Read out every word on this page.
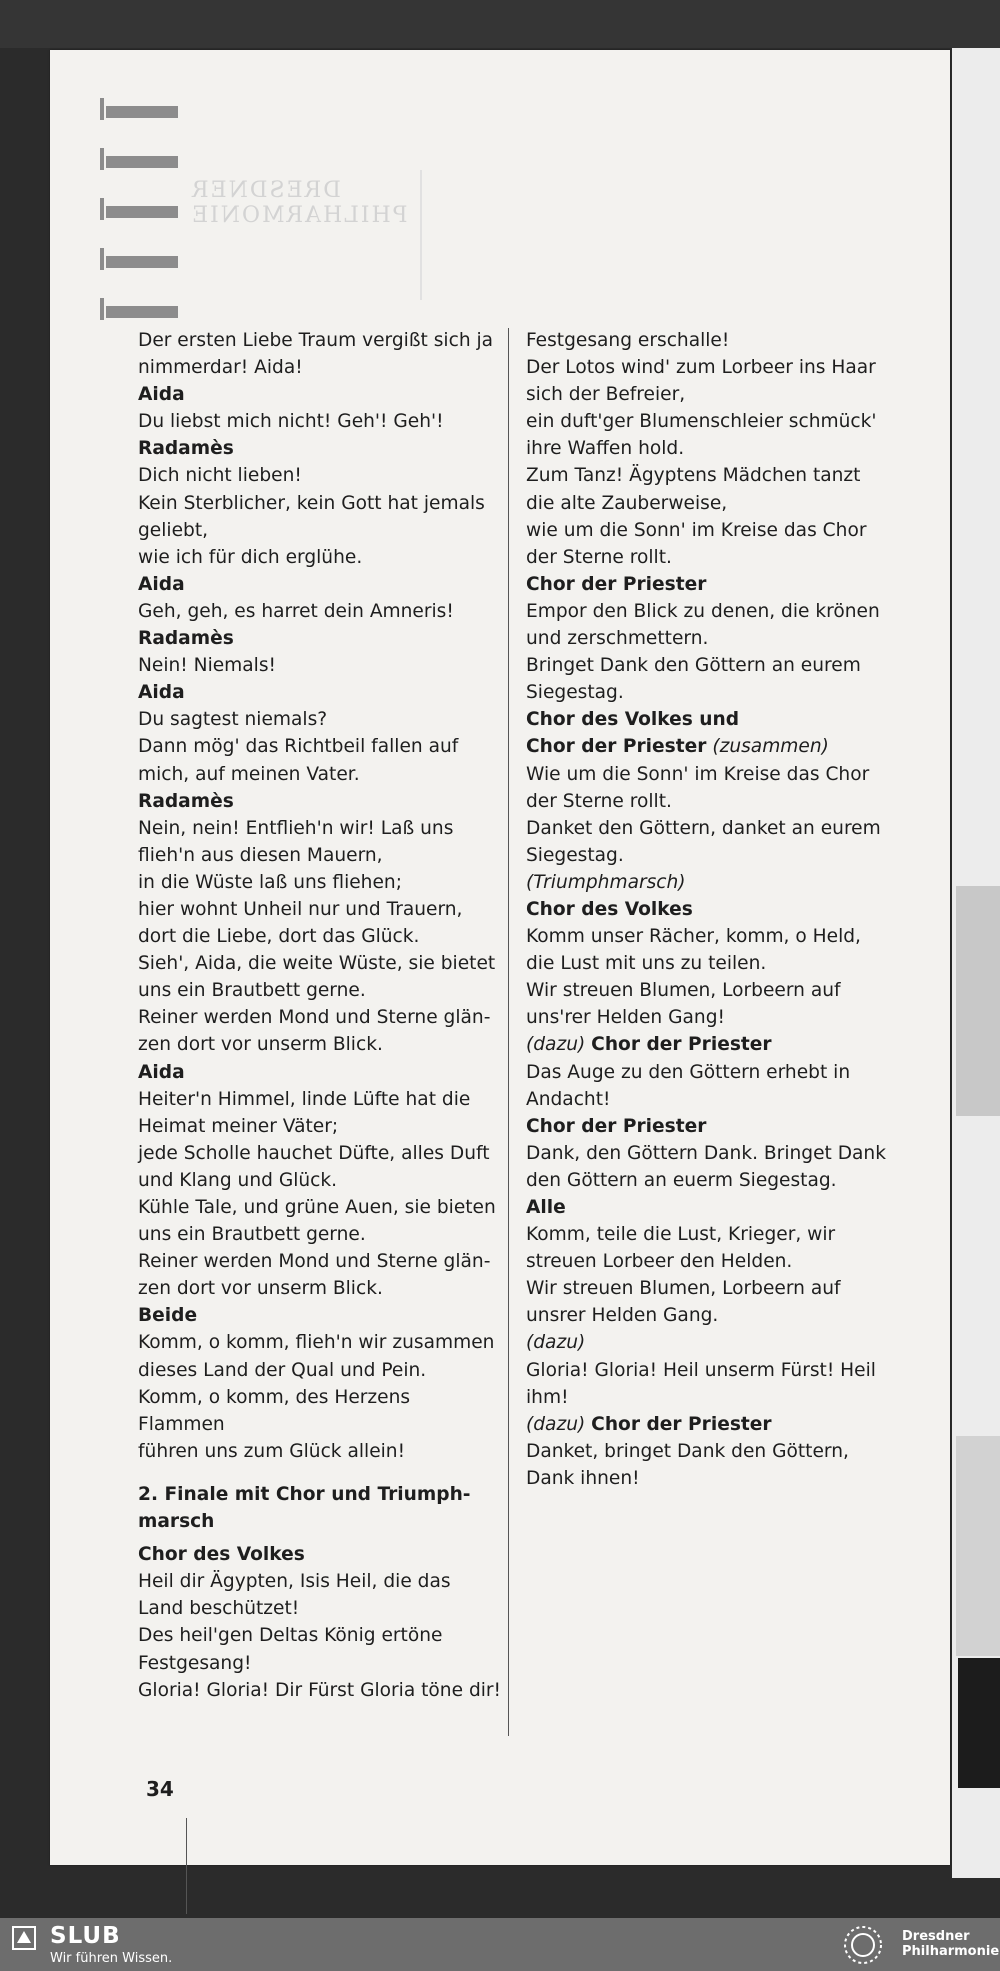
DRESDNER
PHILHARMONIE
Der ersten Liebe Traum vergißt sich ja
nimmerdar! Aida!
Aida
Du liebst mich nicht! Geh'! Geh'!
Radamès
Dich nicht lieben!
Kein Sterblicher, kein Gott hat jemals
geliebt,
wie ich für dich erglühe.
Aida
Geh, geh, es harret dein Amneris!
Radamès
Nein! Niemals!
Aida
Du sagtest niemals?
Dann mög' das Richtbeil fallen auf
mich, auf meinen Vater.
Radamès
Nein, nein! Entflieh'n wir! Laß uns
flieh'n aus diesen Mauern,
in die Wüste laß uns fliehen;
hier wohnt Unheil nur und Trauern,
dort die Liebe, dort das Glück.
Sieh', Aida, die weite Wüste, sie bietet
uns ein Brautbett gerne.
Reiner werden Mond und Sterne glän-
zen dort vor unserm Blick.
Aida
Heiter'n Himmel, linde Lüfte hat die
Heimat meiner Väter;
jede Scholle hauchet Düfte, alles Duft
und Klang und Glück.
Kühle Tale, und grüne Auen, sie bieten
uns ein Brautbett gerne.
Reiner werden Mond und Sterne glän-
zen dort vor unserm Blick.
Beide
Komm, o komm, flieh'n wir zusammen
dieses Land der Qual und Pein.
Komm, o komm, des Herzens
Flammen
führen uns zum Glück allein!
2. Finale mit Chor und Triumph-
marsch
Chor des Volkes
Heil dir Ägypten, Isis Heil, die das
Land beschützet!
Des heil'gen Deltas König ertöne
Festgesang!
Gloria! Gloria! Dir Fürst Gloria töne dir!
Festgesang erschalle!
Der Lotos wind' zum Lorbeer ins Haar
sich der Befreier,
ein duft'ger Blumenschleier schmück'
ihre Waffen hold.
Zum Tanz! Ägyptens Mädchen tanzt
die alte Zauberweise,
wie um die Sonn' im Kreise das Chor
der Sterne rollt.
Chor der Priester
Empor den Blick zu denen, die krönen
und zerschmettern.
Bringet Dank den Göttern an eurem
Siegestag.
Chor des Volkes und
Chor der Priester (zusammen)
Wie um die Sonn' im Kreise das Chor
der Sterne rollt.
Danket den Göttern, danket an eurem
Siegestag.
(Triumphmarsch)
Chor des Volkes
Komm unser Rächer, komm, o Held,
die Lust mit uns zu teilen.
Wir streuen Blumen, Lorbeern auf
uns'rer Helden Gang!
(dazu) Chor der Priester
Das Auge zu den Göttern erhebt in
Andacht!
Chor der Priester
Dank, den Göttern Dank. Bringet Dank
den Göttern an euerm Siegestag.
Alle
Komm, teile die Lust, Krieger, wir
streuen Lorbeer den Helden.
Wir streuen Blumen, Lorbeern auf
unsrer Helden Gang.
(dazu)
Gloria! Gloria! Heil unserm Fürst! Heil
ihm!
(dazu) Chor der Priester
Danket, bringet Dank den Göttern,
Dank ihnen!
34
SLUB
Wir führen Wissen.
Dresdner
Philharmonie
